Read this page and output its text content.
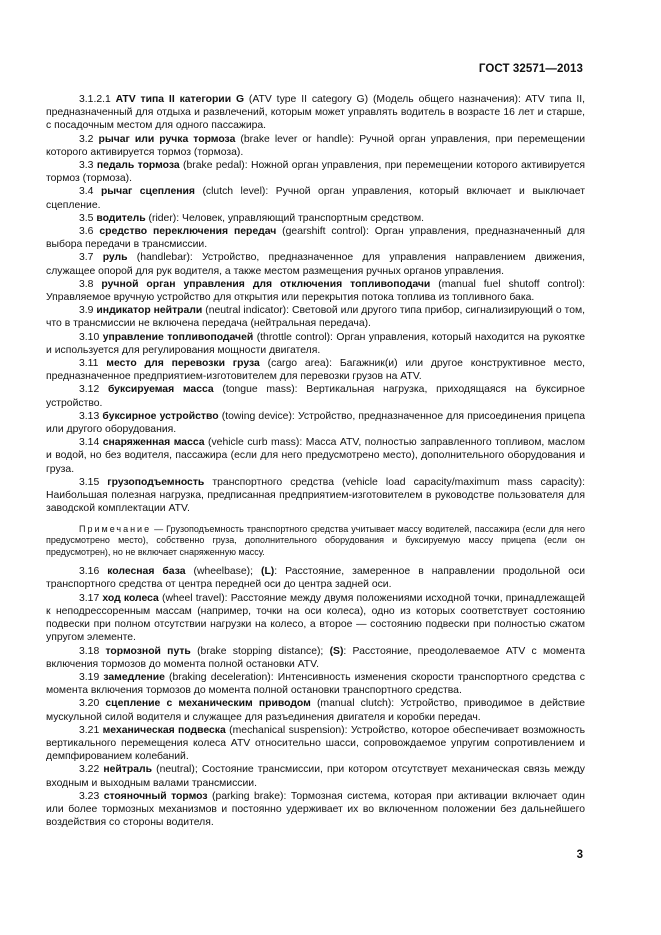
ГОСТ 32571—2013

3.1.2.1 ATV типа II категории G (ATV type II category G) (Модель общего назначения): ATV типа II, предназначенный для отдыха и развлечений, которым может управлять водитель в возрасте 16 лет и старше, с посадочным местом для одного пассажира.

3.2 рычаг или ручка тормоза (brake lever or handle): Ручной орган управления, при перемещении которого активируется тормоз (тормоза).

3.3 педаль тормоза (brake pedal): Ножной орган управления, при перемещении которого активируется тормоз (тормоза).

3.4 рычаг сцепления (clutch level): Ручной орган управления, который включает и выключает сцепление.

3.5 водитель (rider): Человек, управляющий транспортным средством.

3.6 средство переключения передач (gearshift control): Орган управления, предназначенный для выбора передачи в трансмиссии.

3.7 руль (handlebar): Устройство, предназначенное для управления направлением движения, служащее опорой для рук водителя, а также местом размещения ручных органов управления.

3.8 ручной орган управления для отключения топливоподачи (manual fuel shutoff control): Управляемое вручную устройство для открытия или перекрытия потока топлива из топливного бака.

3.9 индикатор нейтрали (neutral indicator): Световой или другого типа прибор, сигнализирующий о том, что в трансмиссии не включена передача (нейтральная передача).

3.10 управление топливоподачей (throttle control): Орган управления, который находится на рукоятке и используется для регулирования мощности двигателя.

3.11 место для перевозки груза (cargo area): Багажник(и) или другое конструктивное место, предназначенное предприятием-изготовителем для перевозки грузов на ATV.

3.12 буксируемая масса (tongue mass): Вертикальная нагрузка, приходящаяся на буксирное устройство.

3.13 буксирное устройство (towing device): Устройство, предназначенное для присоединения прицепа или другого оборудования.

3.14 снаряженная масса (vehicle curb mass): Масса ATV, полностью заправленного топливом, маслом и водой, но без водителя, пассажира (если для него предусмотрено место), дополнительного оборудования и груза.

3.15 грузоподъемность транспортного средства (vehicle load capacity/maximum mass capacity): Наибольшая полезная нагрузка, предписанная предприятием-изготовителем в руководстве пользователя для заводской комплектации ATV.

Примечание — Грузоподъемность транспортного средства учитывает массу водителей, пассажира (если для него предусмотрено место), собственно груза, дополнительного оборудования и буксируемую массу прицепа (если он предусмотрен), но не включает снаряженную массу.

3.16 колесная база (wheelbase); (L): Расстояние, замеренное в направлении продольной оси транспортного средства от центра передней оси до центра задней оси.

3.17 ход колеса (wheel travel): Расстояние между двумя положениями исходной точки, принадлежащей к неподрессоренным массам (например, точки на оси колеса), одно из которых соответствует состоянию подвески при полном отсутствии нагрузки на колесо, а второе — состоянию подвески при полностью сжатом упругом элементе.

3.18 тормозной путь (brake stopping distance); (S): Расстояние, преодолеваемое ATV с момента включения тормозов до момента полной остановки ATV.

3.19 замедление (braking deceleration): Интенсивность изменения скорости транспортного средства с момента включения тормозов до момента полной остановки транспортного средства.

3.20 сцепление с механическим приводом (manual clutch): Устройство, приводимое в действие мускульной силой водителя и служащее для разъединения двигателя и коробки передач.

3.21 механическая подвеска (mechanical suspension): Устройство, которое обеспечивает возможность вертикального перемещения колеса ATV относительно шасси, сопровождаемое упругим сопротивлением и демпфированием колебаний.

3.22 нейтраль (neutral); Состояние трансмиссии, при котором отсутствует механическая связь между входным и выходным валами трансмиссии.

3.23 стояночный тормоз (parking brake): Тормозная система, которая при активации включает один или более тормозных механизмов и постоянно удерживает их во включенном положении без дальнейшего воздействия со стороны водителя.

3
